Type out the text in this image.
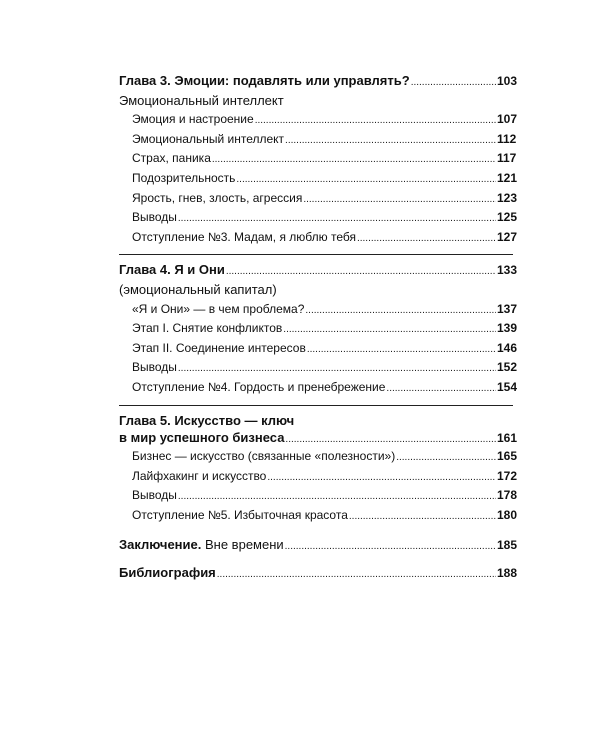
Глава 3. Эмоции: подавлять или управлять? .....	103
Эмоциональный интеллект
Эмоция и настроение .....	107
Эмоциональный интеллект .....	112
Страх, паника .....	117
Подозрительность .....	121
Ярость, гнев, злость, агрессия .....	123
Выводы .....	125
Отступление №3. Мадам, я люблю тебя .....	127
Глава 4. Я и Они .....	133
(эмоциональный капитал)
«Я и Они» — в чем проблема? .....	137
Этап I. Снятие конфликтов .....	139
Этап II. Соединение интересов .....	146
Выводы .....	152
Отступление №4. Гордость и пренебрежение .....	154
Глава 5. Искусство — ключ
в мир успешного бизнеса .....	161
Бизнес — искусство (связанные «полезности») .....	165
Лайфхакинг и искусство .....	172
Выводы .....	178
Отступление №5. Избыточная красота .....	180
Заключение. Вне времени .....	185
Библиография .....	188
